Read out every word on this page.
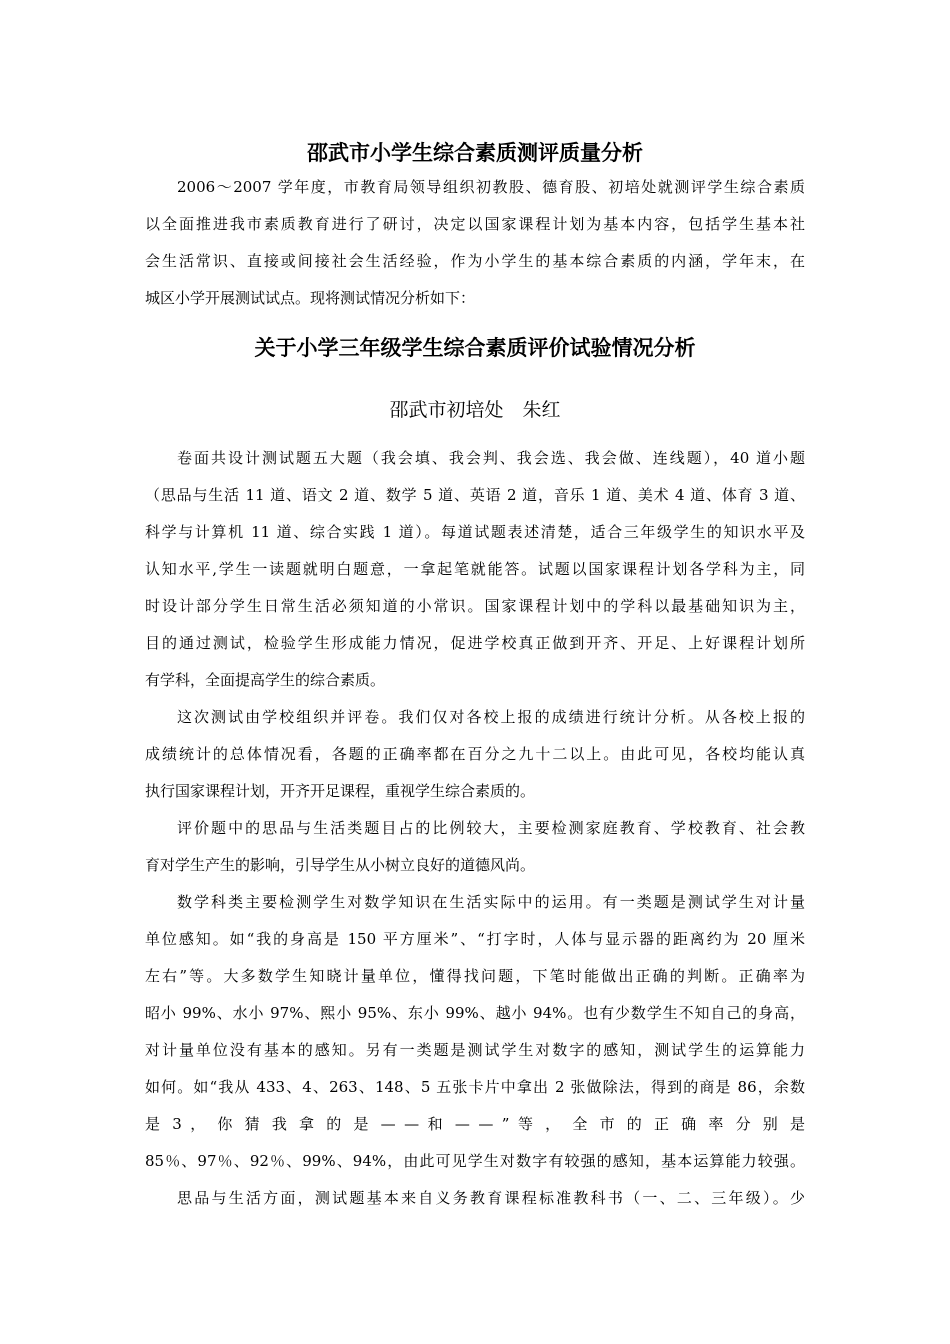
邵武市小学生综合素质测评质量分析
2006～2007 学年度，市教育局领导组织初教股、德育股、初培处就测评学生综合素质
以全面推进我市素质教育进行了研讨，决定以国家课程计划为基本内容，包括学生基本社
会生活常识、直接或间接社会生活经验，作为小学生的基本综合素质的内涵，学年末，在
城区小学开展测试试点。现将测试情况分析如下：
关于小学三年级学生综合素质评价试验情况分析
邵武市初培处　朱红
卷面共设计测试题五大题（我会填、我会判、我会选、我会做、连线题），40 道小题
（思品与生活 11 道、语文 2 道、数学 5 道、英语 2 道，音乐 1 道、美术 4 道、体育 3 道、
科学与计算机 11 道、综合实践 1 道）。每道试题表述清楚，适合三年级学生的知识水平及
认知水平,学生一读题就明白题意，一拿起笔就能答。试题以国家课程计划各学科为主，同
时设计部分学生日常生活必须知道的小常识。国家课程计划中的学科以最基础知识为主，
目的通过测试，检验学生形成能力情况，促进学校真正做到开齐、开足、上好课程计划所
有学科，全面提高学生的综合素质。
这次测试由学校组织并评卷。我们仅对各校上报的成绩进行统计分析。从各校上报的
成绩统计的总体情况看，各题的正确率都在百分之九十二以上。由此可见，各校均能认真
执行国家课程计划，开齐开足课程，重视学生综合素质的。
评价题中的思品与生活类题目占的比例较大，主要检测家庭教育、学校教育、社会教
育对学生产生的影响，引导学生从小树立良好的道德风尚。
数学科类主要检测学生对数学知识在生活实际中的运用。有一类题是测试学生对计量
单位感知。如“我的身高是 150 平方厘米”、“打字时，人体与显示器的距离约为 20 厘米
左右”等。大多数学生知晓计量单位，懂得找问题，下笔时能做出正确的判断。正确率为
昭小 99%、水小 97%、熙小 95%、东小 99%、越小 94%。也有少数学生不知自己的身高，
对计量单位没有基本的感知。另有一类题是测试学生对数字的感知，测试学生的运算能力
如何。如“我从 433、4、263、148、5 五张卡片中拿出 2 张做除法，得到的商是 86，余数
是 3 ， 你 猜 我 拿 的 是 — — 和 — — ” 等 ， 全 市 的 正 确 率 分 别 是
85％、97％、92％、99%、94%，由此可见学生对数字有较强的感知，基本运算能力较强。
思品与生活方面，测试题基本来自义务教育课程标准教科书（一、二、三年级）。少
